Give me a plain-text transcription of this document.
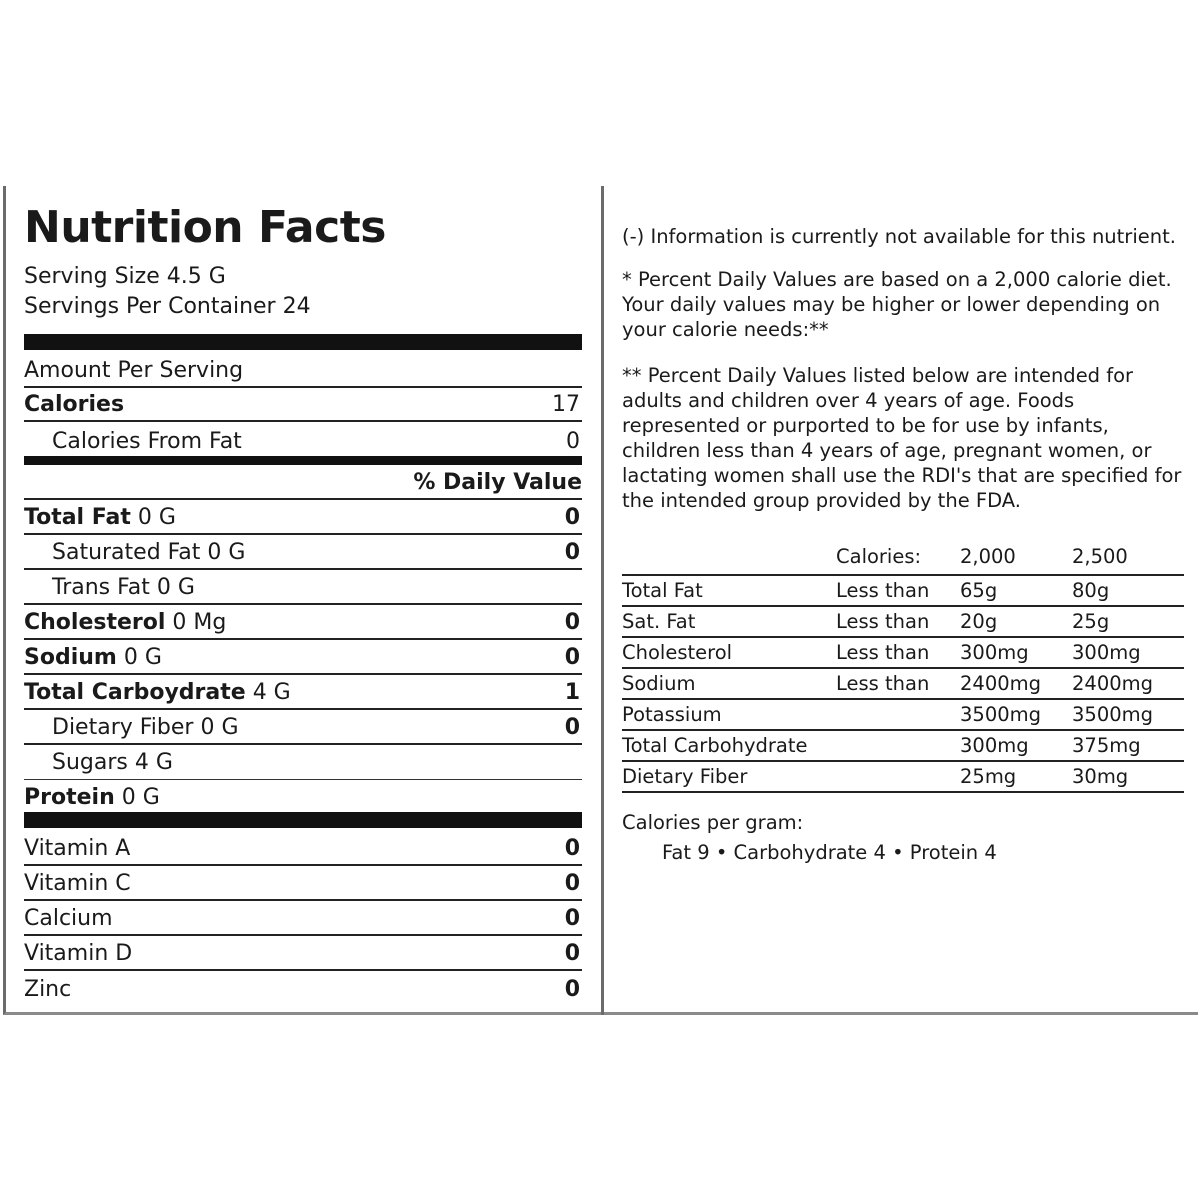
Nutrition Facts
Serving Size 4.5 G
Servings Per Container 24
Amount Per Serving
Calories	17
Calories From Fat	0
% Daily Value
Total Fat 0 G	0
Saturated Fat 0 G	0
Trans Fat 0 G
Cholesterol 0 Mg	0
Sodium 0 G	0
Total Carboydrate 4 G	1
Dietary Fiber 0 G	0
Sugars 4 G
Protein 0 G
Vitamin A	0
Vitamin C	0
Calcium	0
Vitamin D	0
Zinc	0

(-) Information is currently not available for this nutrient.

* Percent Daily Values are based on a 2,000 calorie diet. Your daily values may be higher or lower depending on your calorie needs:**

** Percent Daily Values listed below are intended for adults and children over 4 years of age. Foods represented or purported to be for use by infants, children less than 4 years of age, pregnant women, or lactating women shall use the RDI's that are specified for the intended group provided by the FDA.

	Calories:	2,000	2,500
Total Fat	Less than	65g	80g
Sat. Fat	Less than	20g	25g
Cholesterol	Less than	300mg	300mg
Sodium	Less than	2400mg	2400mg
Potassium		3500mg	3500mg
Total Carbohydrate		300mg	375mg
Dietary Fiber		25mg	30mg
Calories per gram:
Fat 9 • Carbohydrate 4 • Protein 4
